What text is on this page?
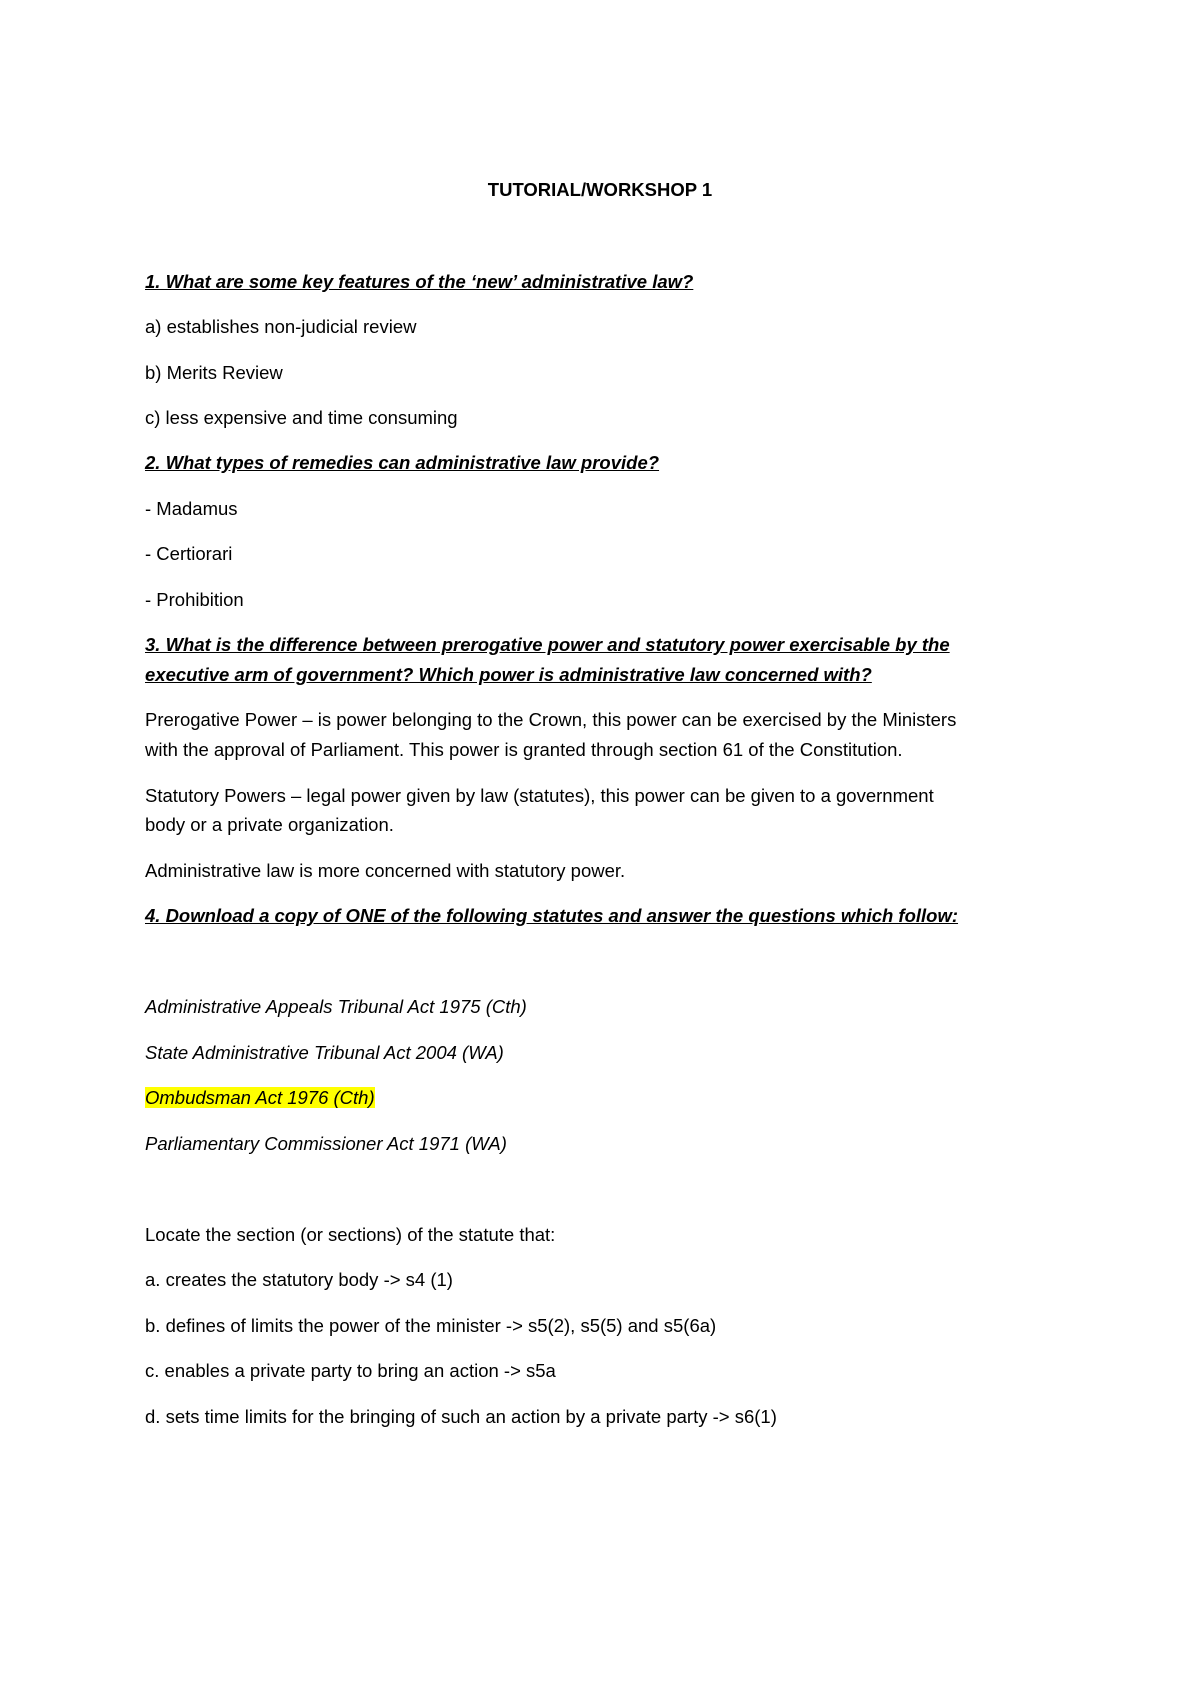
TUTORIAL/WORKSHOP 1
1. What are some key features of the ‘new’ administrative law?
a) establishes non-judicial review
b) Merits Review
c) less expensive and time consuming
2. What types of remedies can administrative law provide?
- Madamus
- Certiorari
- Prohibition
3. What is the difference between prerogative power and statutory power exercisable by the
executive arm of government? Which power is administrative law concerned with?
Prerogative Power – is power belonging to the Crown, this power can be exercised by the Ministers
with the approval of Parliament. This power is granted through section 61 of the Constitution.
Statutory Powers – legal power given by law (statutes), this power can be given to a government
body or a private organization.
Administrative law is more concerned with statutory power.
4. Download a copy of ONE of the following statutes and answer the questions which follow:
Administrative Appeals Tribunal Act 1975 (Cth)
State Administrative Tribunal Act 2004 (WA)
Ombudsman Act 1976 (Cth)
Parliamentary Commissioner Act 1971 (WA)
Locate the section (or sections) of the statute that:
a. creates the statutory body -> s4 (1)
b. defines of limits the power of the minister -> s5(2), s5(5) and s5(6a)
c. enables a private party to bring an action -> s5a
d. sets time limits for the bringing of such an action by a private party -> s6(1)
